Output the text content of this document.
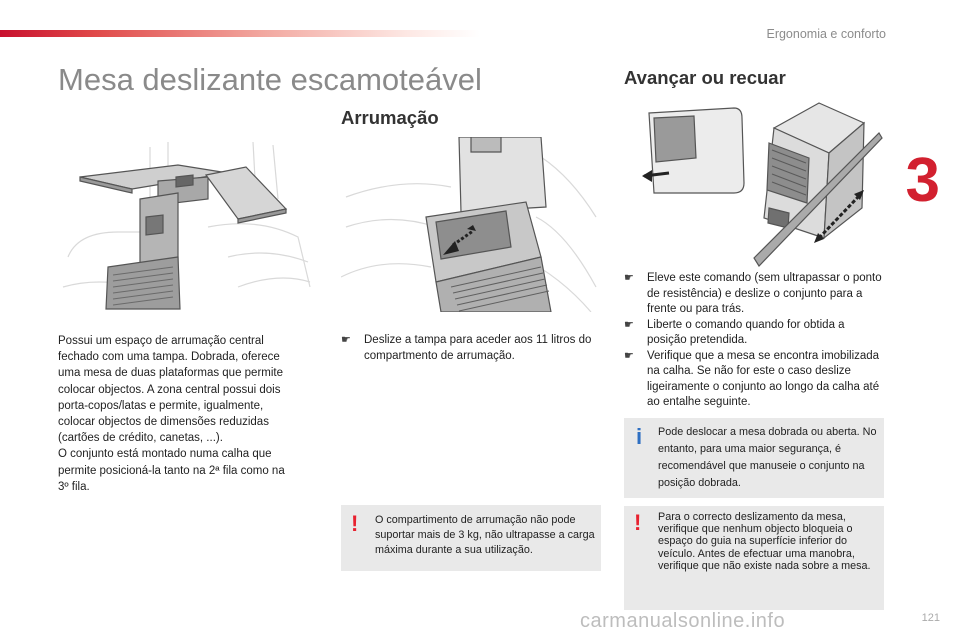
Ergonomia e conforto
3
121
Mesa deslizante escamoteável
Arrumação
Avançar ou recuar
Possui um espaço de arrumação central
fechado com uma tampa. Dobrada, oferece
uma mesa de duas plataformas que permite
colocar objectos. A zona central possui dois
porta-copos/latas e permite, igualmente,
colocar objectos de dimensões reduzidas
(cartões de crédito, canetas, ...).
O conjunto está montado numa calha que
permite posicioná-la tanto na 2ª fila como na
3º fila.
☛ Deslize a tampa para aceder aos 11 litros do compartmento de arrumação.
☛ Eleve este comando (sem ultrapassar o ponto de resistência) e deslize o conjunto para a frente ou para trás.
☛ Liberte o comando quando for obtida a posição pretendida.
☛ Verifique que a mesa se encontra imobilizada na calha. Se não for este o caso deslize ligeiramente o conjunto ao longo da calha até ao entalhe seguinte.
! O compartimento de arrumação não pode suportar mais de 3 kg, não ultrapasse a carga máxima durante a sua utilização.
i Pode deslocar a mesa dobrada ou aberta. No entanto, para uma maior segurança, é recomendável que manuseie o conjunto na posição dobrada.
! Para o correcto deslizamento da mesa, verifique que nenhum objecto bloqueia o espaço do guia na superfície inferior do veículo. Antes de efectuar uma manobra, verifique que não existe nada sobre a mesa.
carmanualsonline.info
